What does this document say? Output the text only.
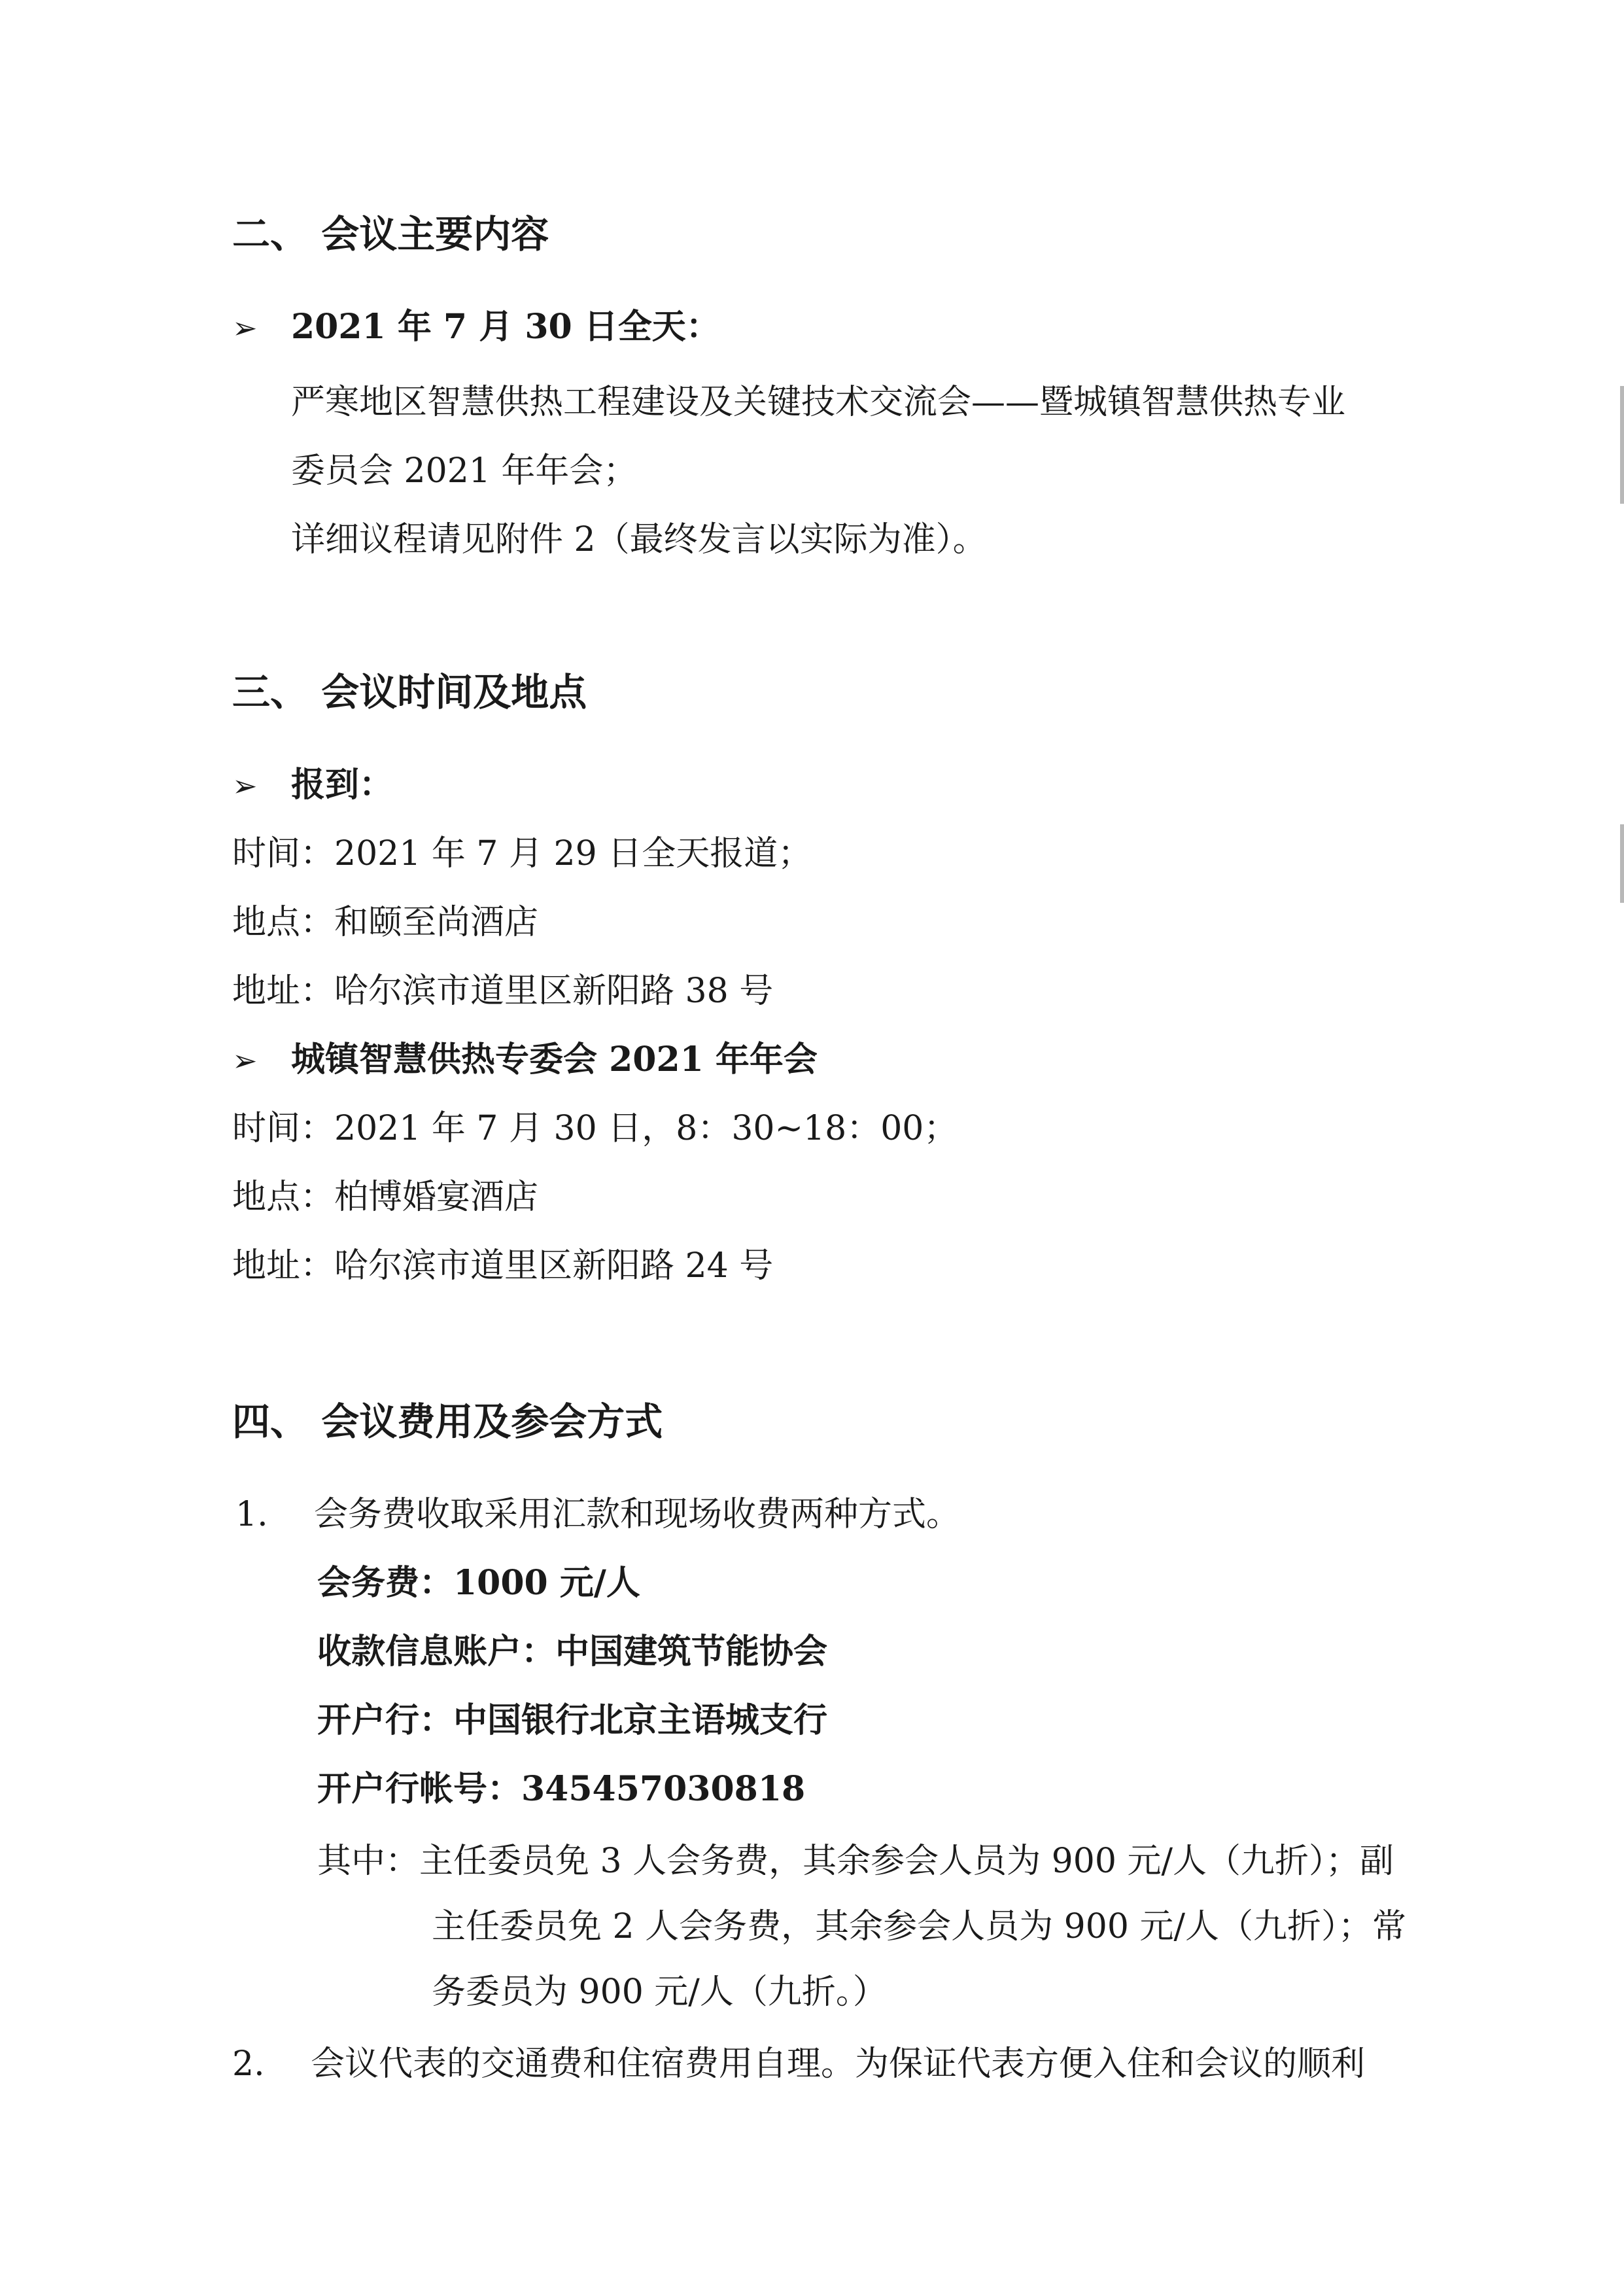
二、 会议主要内容
➢ 2021 年 7 月 30 日全天：
严寒地区智慧供热工程建设及关键技术交流会——暨城镇智慧供热专业
委员会 2021 年年会；
详细议程请见附件 2（最终发言以实际为准）。
三、 会议时间及地点
➢ 报到：
时间：2021 年 7 月 29 日全天报道；
地点：和颐至尚酒店
地址：哈尔滨市道里区新阳路 38 号
➢ 城镇智慧供热专委会 2021 年年会
时间：2021 年 7 月 30 日，8：30~18：00；
地点：柏博婚宴酒店
地址：哈尔滨市道里区新阳路 24 号
四、 会议费用及参会方式
1. 会务费收取采用汇款和现场收费两种方式。
会务费：1000 元/人
收款信息账户：中国建筑节能协会
开户行：中国银行北京主语城支行
开户行帐号：345457030818
其中：主任委员免 3 人会务费，其余参会人员为 900 元/人（九折）；副
主任委员免 2 人会务费，其余参会人员为 900 元/人（九折）；常
务委员为 900 元/人（九折。）
2. 会议代表的交通费和住宿费用自理。为保证代表方便入住和会议的顺利
